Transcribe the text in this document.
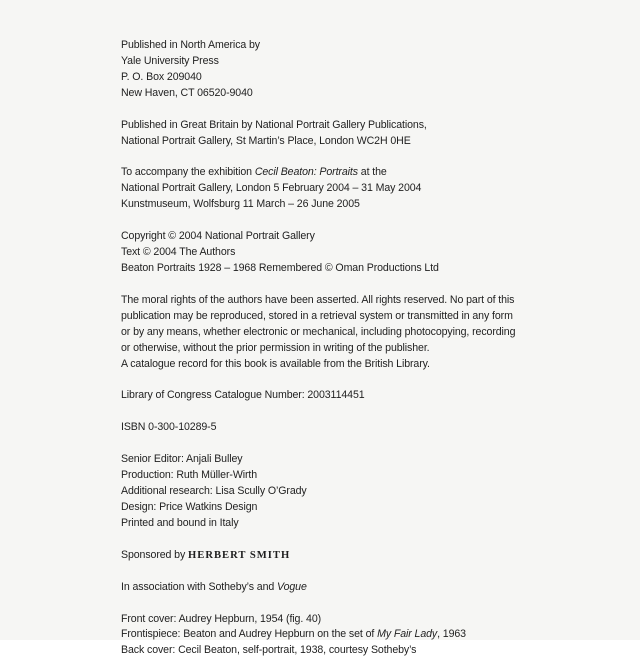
Published in North America by
Yale University Press
P. O. Box 209040
New Haven, CT 06520-9040
Published in Great Britain by National Portrait Gallery Publications,
National Portrait Gallery, St Martin’s Place, London WC2H 0HE
To accompany the exhibition Cecil Beaton: Portraits at the
National Portrait Gallery, London 5 February 2004 – 31 May 2004
Kunstmuseum, Wolfsburg 11 March – 26 June 2005
Copyright © 2004 National Portrait Gallery
Text © 2004 The Authors
Beaton Portraits 1928 – 1968 Remembered © Oman Productions Ltd
The moral rights of the authors have been asserted. All rights reserved. No part of this
publication may be reproduced, stored in a retrieval system or transmitted in any form
or by any means, whether electronic or mechanical, including photocopying, recording
or otherwise, without the prior permission in writing of the publisher.
A catalogue record for this book is available from the British Library.
Library of Congress Catalogue Number: 2003114451
ISBN 0-300-10289-5
Senior Editor: Anjali Bulley
Production: Ruth Müller-Wirth
Additional research: Lisa Scully O’Grady
Design: Price Watkins Design
Printed and bound in Italy
Sponsored by HERBERT SMITH
In association with Sotheby’s and Vogue
Front cover: Audrey Hepburn, 1954 (fig. 40)
Frontispiece: Beaton and Audrey Hepburn on the set of My Fair Lady, 1963
Back cover: Cecil Beaton, self-portrait, 1938, courtesy Sotheby’s
